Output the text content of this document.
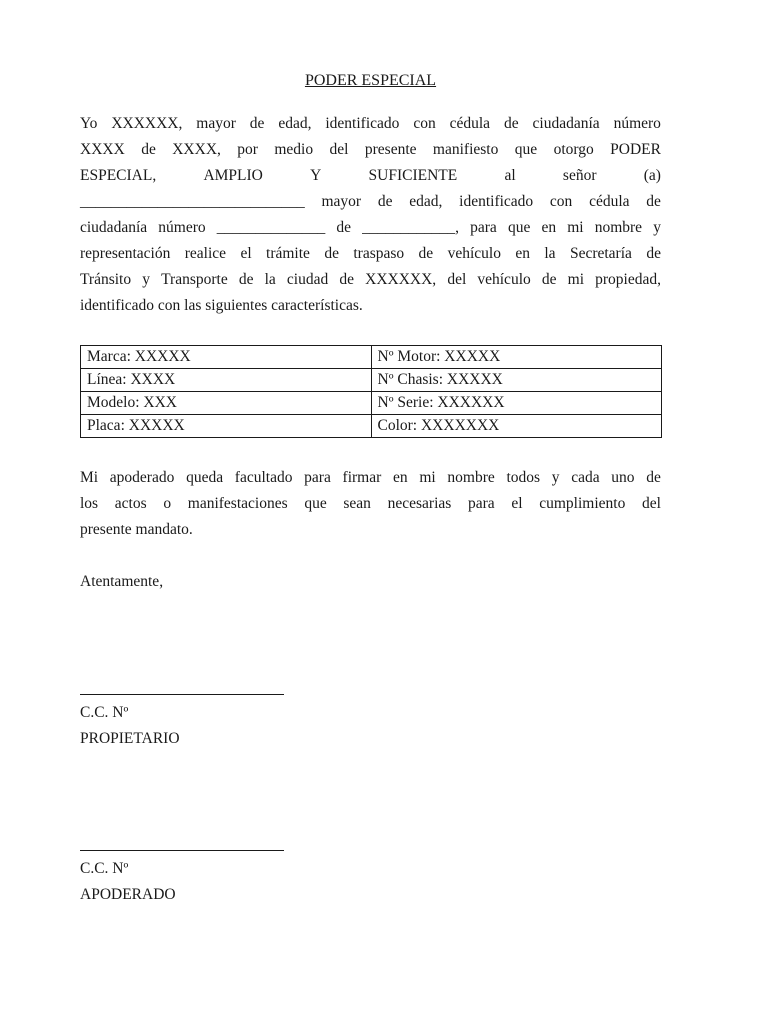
PODER ESPECIAL
Yo XXXXXX, mayor de edad, identificado con cédula de ciudadanía número
XXXX de XXXX, por medio del presente manifiesto que otorgo PODER
ESPECIAL,	AMPLIO	Y	SUFICIENTE	al	señor	(a)
_____________________________ mayor de edad, identificado con cédula de
ciudadanía número ______________ de ____________, para que en mi nombre y
representación realice el trámite de traspaso de vehículo en la Secretaría de
Tránsito y Transporte de la ciudad de XXXXXX, del vehículo de mi propiedad,
identificado con las siguientes características.
Marca: XXXXX	Nº Motor: XXXXX
Línea: XXXX	Nº Chasis: XXXXX
Modelo: XXX	Nº Serie: XXXXXX
Placa: XXXXX	Color: XXXXXXX
Mi apoderado queda facultado para firmar en mi nombre todos y cada uno de
los actos o manifestaciones que sean necesarias para el cumplimiento del
presente mandato.
Atentamente,
C.C. Nº
PROPIETARIO
C.C. Nº
APODERADO
